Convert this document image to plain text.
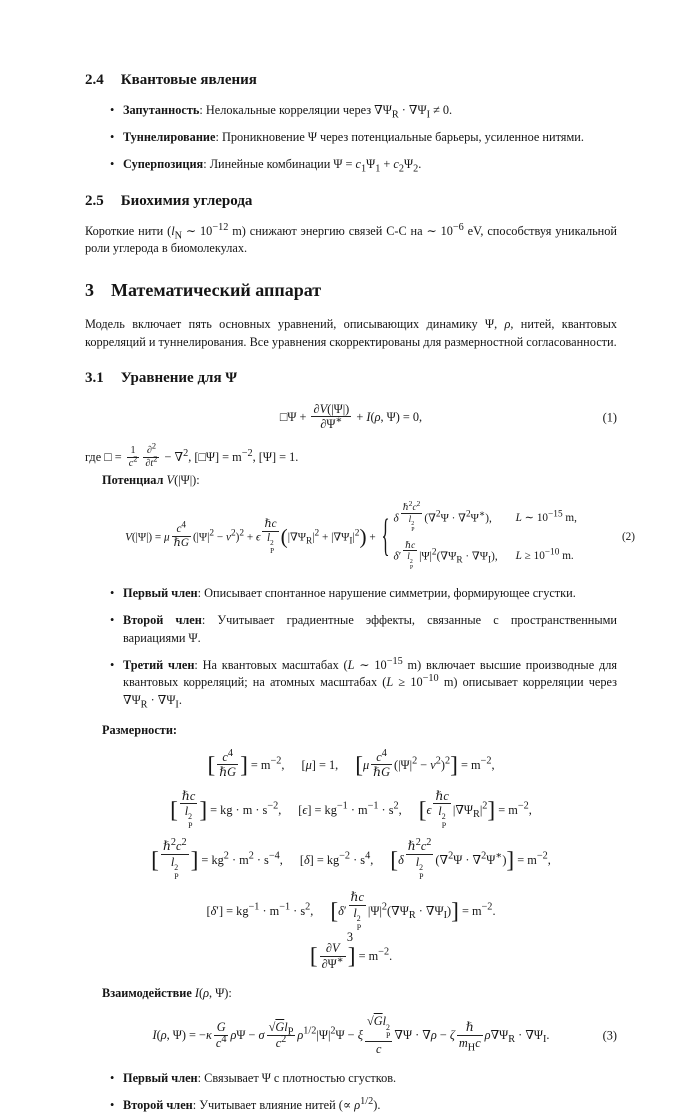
2.4 Квантовые явления
• Запутанность: Нелокальные корреляции через $\nabla\Psi_R \cdot \nabla\Psi_I \ne 0$.
• Туннелирование: Проникновение Ψ через потенциальные барьеры, усиленное нитями.
• Суперпозиция: Линейные комбинации $\Psi = c_1\Psi_1 + c_2\Psi_2$.
2.5 Биохимия углерода

Короткие нити ($l_N$ ∼ $10^{-12}$ m) снижают энергию связей C-C на ∼ $10^{-6}$ eV, способствуя уникальной роли углерода в биомолекулах.

3 Математический аппарат

Модель включает пять основных уравнений, описывающих динамику Ψ, ρ, нитей, квантовых корреляций и туннелирования. Все уравнения скорректированы для размерностной согласованности.

3.1 Уравнение для Ψ
□Ψ + $\frac{\partial V(|\Psi|)}{\partial\Psi^∗} + I(\rho$, Ψ) = 0,	(1)
где □ = $\frac{1}{c^2} \frac{\partial^2}{\partial t^2} - \nabla^2$, [□Ψ] = $m^{-2}$, [Ψ] = 1.
Потенциал V(|Ψ|):
V(|Ψ|) = μ
$c^4$
ℏG $(|\Psi|^2 - v^2)^2 + \epsilon$
ℏc
l 2
P
$(|\nabla\Psi_R|^2 + |\nabla\Psi_I|^2)$ + { δ
$\hbar^2c^2$
l
2
P
(∇$^2$Ψ · ∇$^2$Ψ∗),	L ∼ $10^{-15}$ m,
δ′
ℏc
l
2
P
$|\Psi|^2(\nabla\Psi_R \cdot \nabla\Psi_I)$,	$L \ge 10^{-10}$ m.
(2)
• Первый член: Описывает спонтанное нарушение симметрии, формирующее сгустки.
• Второй член: Учитывает градиентные эффекты, связанные с пространственными вариациями Ψ.
• Третий член: На квантовых масштабах (L ∼ $10^{-15}$ m) включает высшие производные для квантовых корреляций; на атомных масштабах ($L \ge 10^{-10}$ m) описывает корреляции через $\nabla\Psi_R \cdot \nabla\Psi_I$.
Размерности:
[ $c^4$
ℏG ] = $m^{-2}$, [μ] = 1, [μ
$c^4$
ℏG
$(|\Psi|^2 - v^2)^2] = m^{-2}$,
[
ℏc
l 2
P
] = kg · $m \cdot s^{-2}$, $[\epsilon] = kg^{-1} \cdot m^{-1} \cdot s^2$, [ϵ
ℏc
l 2
P
$|\nabla\Psi_R|^2] = m^{-2}$,
[
$\hbar^2c^2$
l 2
P
] = $kg^2 \cdot m^2 \cdot s^{-4}$, $[\delta] = kg^{-2} \cdot s^4$, [δ
$\hbar^2c^2$
l 2
P
$(\nabla^2\Psi \cdot \nabla^2\Psi^∗)] = m^{-2}$,
$[\delta'] = kg^{-1} \cdot m^{-1} \cdot s^2$, [δ′
ℏc
l 2
P
$|\Psi|^2(\nabla\Psi_R \cdot \nabla\Psi_I)] = m^{-2}$.
[ $\frac{\partial V}{\partial\Psi^∗}$ ] = $m^{-2}$.
Взаимодействие I(ρ, Ψ):
I(ρ, $\Psi) = -\kappa \frac{G}{c^4}$ ρΨ − σ
$√Gl_P$
$c^2$ $\rho^{1/2}|\Psi|^2\Psi - \xi$ √Gl 2
P
c ∇Ψ · ∇ρ − ζ
ℏ
$m_Hc$
$\rho\nabla\Psi_R \cdot \nabla\Psi_I$.	(3)
• Первый член: Связывает Ψ с плотностью сгустков.
• Второй член: Учитывает влияние нитей (∝ $\rho^{1/2}$).
3
